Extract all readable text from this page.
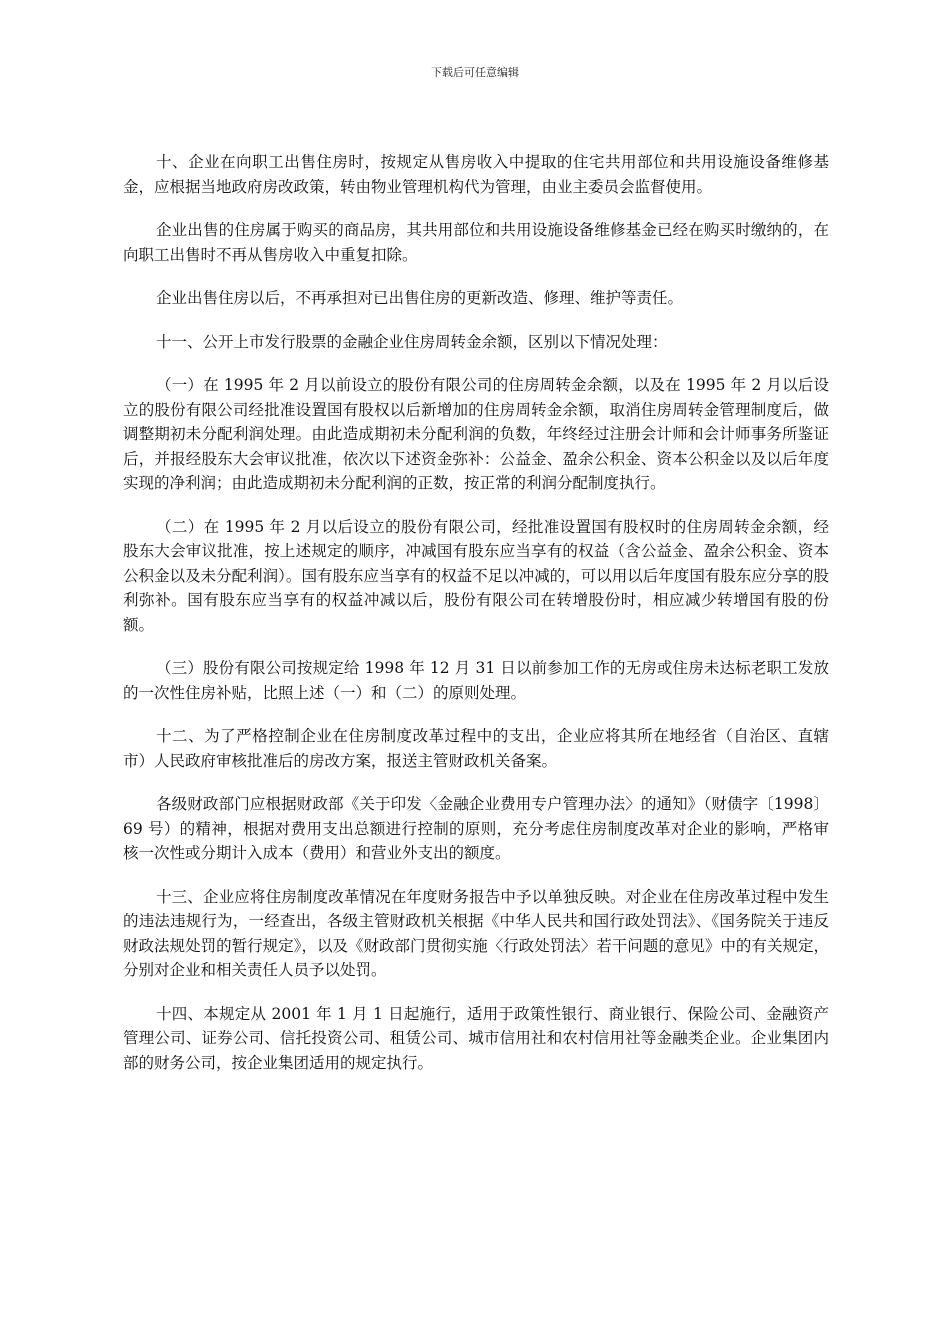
下载后可任意编辑

十、企业在向职工出售住房时，按规定从售房收入中提取的住宅共用部位和共用设施设备维修基金，应根据当地政府房改政策，转由物业管理机构代为管理，由业主委员会监督使用。

企业出售的住房属于购买的商品房，其共用部位和共用设施设备维修基金已经在购买时缴纳的，在向职工出售时不再从售房收入中重复扣除。

企业出售住房以后，不再承担对已出售住房的更新改造、修理、维护等责任。

十一、公开上市发行股票的金融企业住房周转金余额，区别以下情况处理：

（一）在 1995 年 2 月以前设立的股份有限公司的住房周转金余额，以及在 1995 年 2 月以后设立的股份有限公司经批准设置国有股权以后新增加的住房周转金余额，取消住房周转金管理制度后，做调整期初未分配利润处理。由此造成期初未分配利润的负数，年终经过注册会计师和会计师事务所鉴证后，并报经股东大会审议批准，依次以下述资金弥补：公益金、盈余公积金、资本公积金以及以后年度实现的净利润；由此造成期初未分配利润的正数，按正常的利润分配制度执行。

（二）在 1995 年 2 月以后设立的股份有限公司，经批准设置国有股权时的住房周转金余额，经股东大会审议批准，按上述规定的顺序，冲减国有股东应当享有的权益（含公益金、盈余公积金、资本公积金以及未分配利润）。国有股东应当享有的权益不足以冲减的，可以用以后年度国有股东应分享的股利弥补。国有股东应当享有的权益冲减以后，股份有限公司在转增股份时，相应减少转增国有股的份额。

（三）股份有限公司按规定给 1998 年 12 月 31 日以前参加工作的无房或住房未达标老职工发放的一次性住房补贴，比照上述（一）和（二）的原则处理。

十二、为了严格控制企业在住房制度改革过程中的支出，企业应将其所在地经省（自治区、直辖市）人民政府审核批准后的房改方案，报送主管财政机关备案。

各级财政部门应根据财政部《关于印发〈金融企业费用专户管理办法〉的通知》（财债字〔1998〕69 号）的精神，根据对费用支出总额进行控制的原则，充分考虑住房制度改革对企业的影响，严格审核一次性或分期计入成本（费用）和营业外支出的额度。

十三、企业应将住房制度改革情况在年度财务报告中予以单独反映。对企业在住房改革过程中发生的违法违规行为，一经查出，各级主管财政机关根据《中华人民共和国行政处罚法》、《国务院关于违反财政法规处罚的暂行规定》，以及《财政部门贯彻实施〈行政处罚法〉若干问题的意见》中的有关规定，分别对企业和相关责任人员予以处罚。

十四、本规定从 2001 年 1 月 1 日起施行，适用于政策性银行、商业银行、保险公司、金融资产管理公司、证券公司、信托投资公司、租赁公司、城市信用社和农村信用社等金融类企业。企业集团内部的财务公司，按企业集团适用的规定执行。
